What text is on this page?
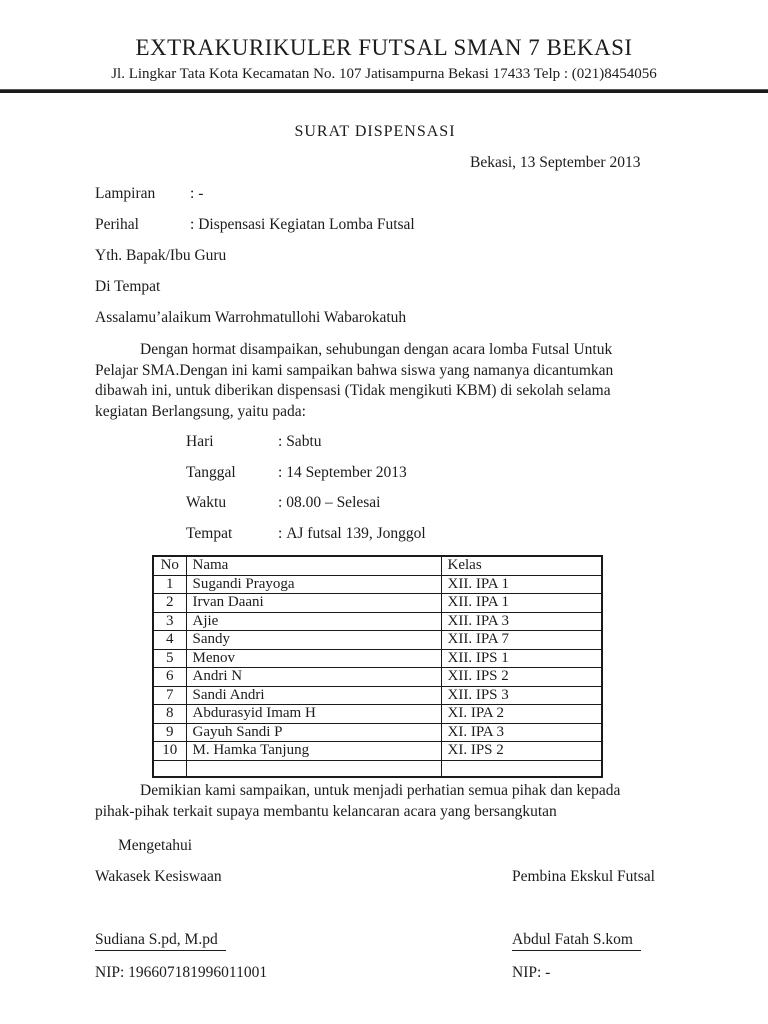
EXTRAKURIKULER FUTSAL SMAN 7 BEKASI
Jl. Lingkar Tata Kota Kecamatan No. 107 Jatisampurna Bekasi 17433 Telp : (021)8454056
SURAT DISPENSASI
Bekasi, 13 September 2013
Lampiran	:
-
Perihal	:
Dispensasi Kegiatan Lomba Futsal
Yth. Bapak/Ibu Guru
Di Tempat
Assalamu’alaikum Warrohmatullohi Wabarokatuh
Dengan hormat disampaikan, sehubungan dengan acara lomba Futsal Untuk Pelajar SMA.Dengan ini kami sampaikan bahwa siswa yang namanya dicantumkan dibawah ini, untuk diberikan dispensasi (Tidak mengikuti KBM) di sekolah selama kegiatan Berlangsung, yaitu pada:
Hari	:
Sabtu
Tanggal	:
14 September 2013
Waktu	:
08.00 – Selesai
Tempat	:
AJ futsal 139, Jonggol
No	Nama	Kelas
1	Sugandi Prayoga	XII. IPA 1
2	Irvan Daani	XII. IPA 1
3	Ajie	XII. IPA 3
4	Sandy	XII. IPA 7
5	Menov	XII. IPS 1
6	Andri N	XII. IPS 2
7	Sandi Andri	XII. IPS 3
8	Abdurasyid Imam H	XI. IPA 2
9	Gayuh Sandi P	XI. IPA 3
10	M. Hamka Tanjung	XI. IPS 2

Demikian kami sampaikan, untuk menjadi perhatian semua pihak dan kepada pihak-pihak terkait supaya membantu kelancaran acara yang bersangkutan
Mengetahui
Wakasek Kesiswaan
Sudiana S.pd, M.pd
NIP: 196607181996011001
Pembina Ekskul Futsal
Abdul Fatah S.kom
NIP: -
